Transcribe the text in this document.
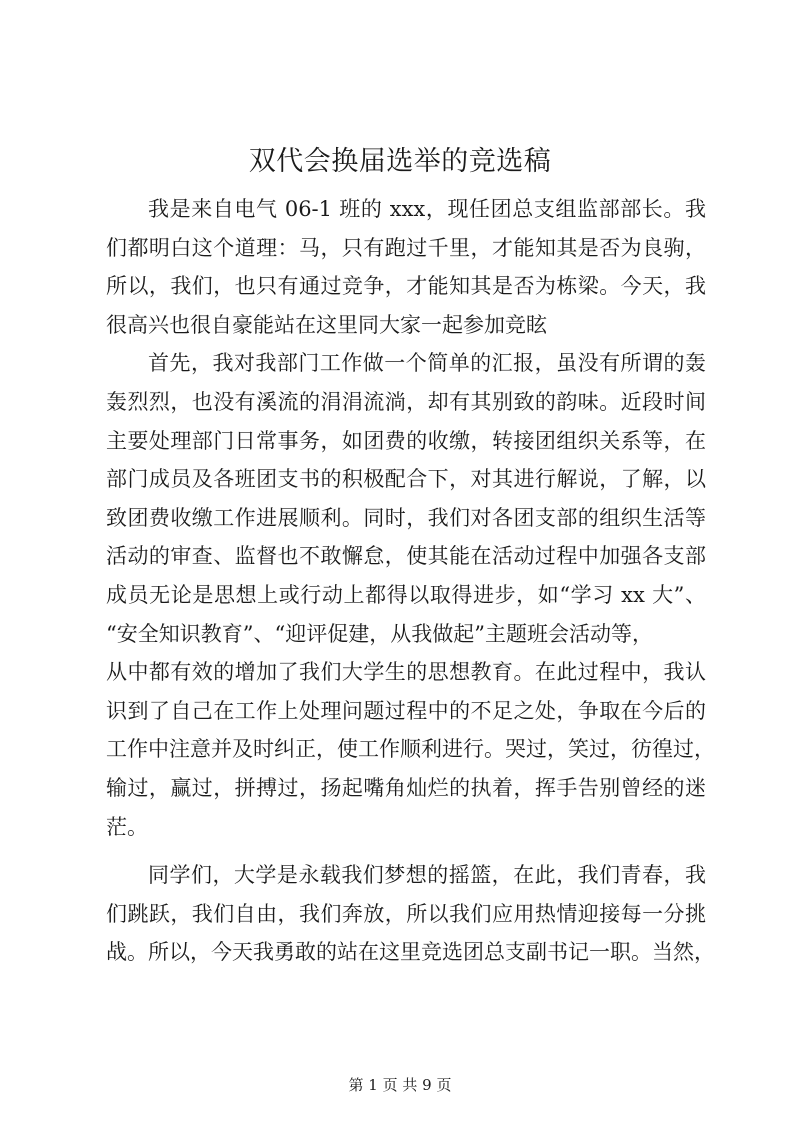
双代会换届选举的竞选稿
我是来自电气 06-1 班的 xxx，现任团总支组监部部长。我
们都明白这个道理：马，只有跑过千里，才能知其是否为良驹，
所以，我们，也只有通过竞争，才能知其是否为栋梁。今天，我
很高兴也很自豪能站在这里同大家一起参加竞眩
首先，我对我部门工作做一个简单的汇报，虽没有所谓的轰
轰烈烈，也没有溪流的涓涓流淌，却有其别致的韵味。近段时间
主要处理部门日常事务，如团费的收缴，转接团组织关系等，在
部门成员及各班团支书的积极配合下，对其进行解说，了解，以
致团费收缴工作进展顺利。同时，我们对各团支部的组织生活等
活动的审查、监督也不敢懈怠，使其能在活动过程中加强各支部
成员无论是思想上或行动上都得以取得进步，如“学习 xx 大”、
“安全知识教育”、“迎评促建，从我做起”主题班会活动等，
从中都有效的增加了我们大学生的思想教育。在此过程中，我认
识到了自己在工作上处理问题过程中的不足之处，争取在今后的
工作中注意并及时纠正，使工作顺利进行。哭过，笑过，彷徨过，
输过，赢过，拼搏过，扬起嘴角灿烂的执着，挥手告别曾经的迷
茫。
同学们，大学是永载我们梦想的摇篮，在此，我们青春，我
们跳跃，我们自由，我们奔放，所以我们应用热情迎接每一分挑
战。所以，今天我勇敢的站在这里竞选团总支副书记一职。当然，
第 1 页 共 9 页
